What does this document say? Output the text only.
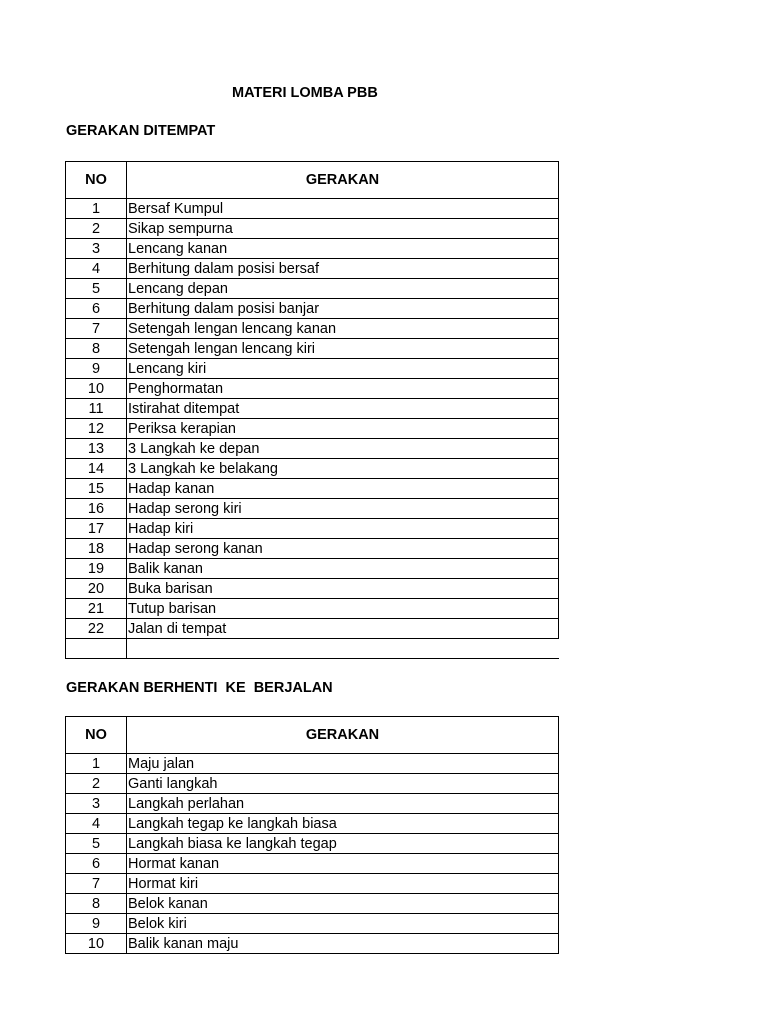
MATERI LOMBA PBB
GERAKAN DITEMPAT
NO	GERAKAN
1	Bersaf Kumpul
2	Sikap sempurna
3	Lencang kanan
4	Berhitung dalam posisi bersaf
5	Lencang depan
6	Berhitung dalam posisi banjar
7	Setengah lengan lencang kanan
8	Setengah lengan lencang kiri
9	Lencang kiri
10	Penghormatan
11	Istirahat ditempat
12	Periksa kerapian
13	3 Langkah ke depan
14	3 Langkah ke belakang
15	Hadap kanan
16	Hadap serong kiri
17	Hadap kiri
18	Hadap serong kanan
19	Balik kanan
20	Buka barisan
21	Tutup barisan
22	Jalan di tempat

GERAKAN BERHENTI  KE  BERJALAN
NO	GERAKAN
1	Maju jalan
2	Ganti langkah
3	Langkah perlahan
4	Langkah tegap ke langkah biasa
5	Langkah biasa ke langkah tegap
6	Hormat kanan
7	Hormat kiri
8	Belok kanan
9	Belok kiri
10	Balik kanan maju
